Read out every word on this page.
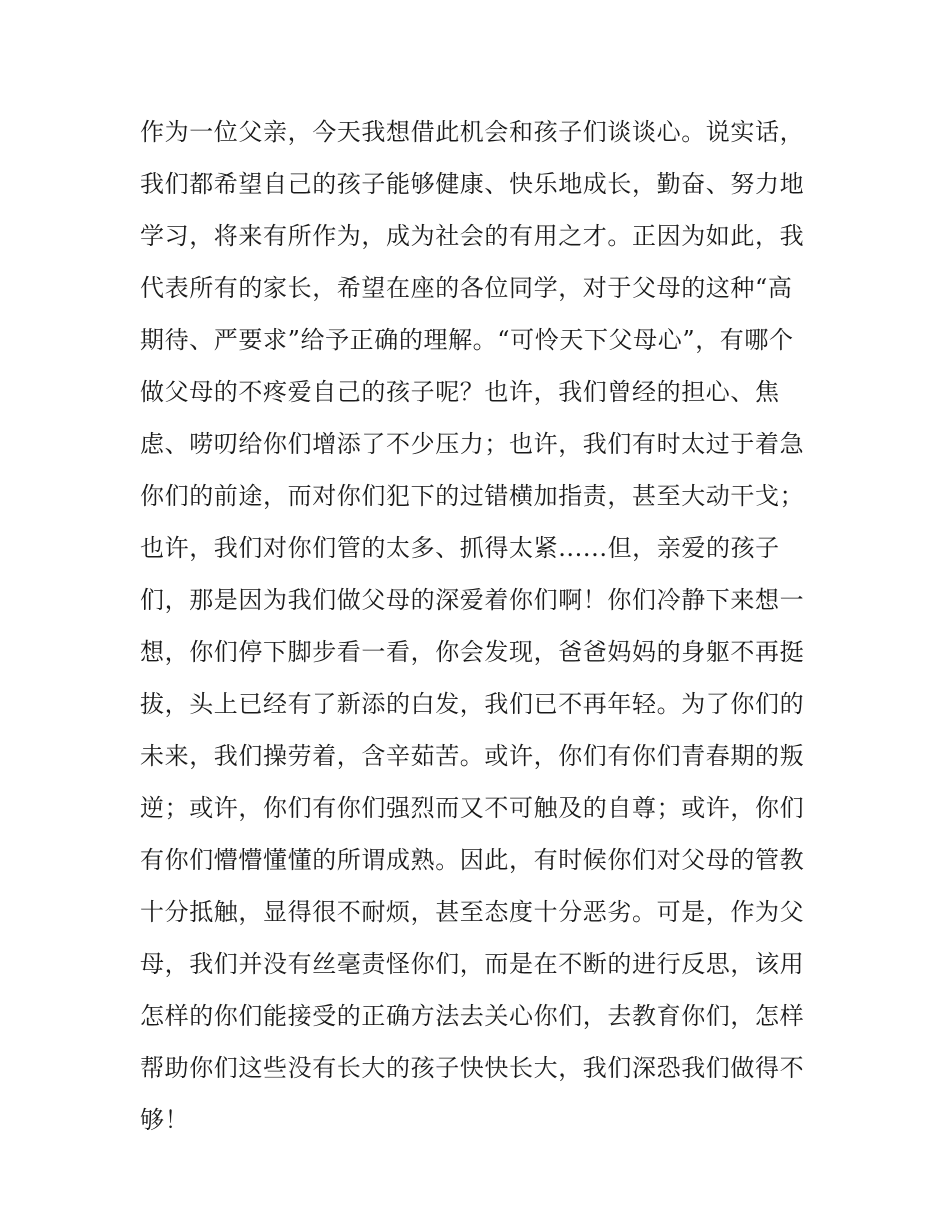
作为一位父亲，今天我想借此机会和孩子们谈谈心。说实话，
我们都希望自己的孩子能够健康、快乐地成长，勤奋、努力地
学习，将来有所作为，成为社会的有用之才。正因为如此，我
代表所有的家长，希望在座的各位同学，对于父母的这种“高
期待、严要求”给予正确的理解。“可怜天下父母心”，有哪个
做父母的不疼爱自己的孩子呢？也许，我们曾经的担心、焦
虑、唠叨给你们增添了不少压力；也许，我们有时太过于着急
你们的前途，而对你们犯下的过错横加指责，甚至大动干戈；
也许，我们对你们管的太多、抓得太紧......但，亲爱的孩子
们，那是因为我们做父母的深爱着你们啊！你们冷静下来想一
想，你们停下脚步看一看，你会发现，爸爸妈妈的身躯不再挺
拔，头上已经有了新添的白发，我们已不再年轻。为了你们的
未来，我们操劳着，含辛茹苦。或许，你们有你们青春期的叛
逆；或许，你们有你们强烈而又不可触及的自尊；或许，你们
有你们懵懵懂懂的所谓成熟。因此，有时候你们对父母的管教
十分抵触，显得很不耐烦，甚至态度十分恶劣。可是，作为父
母，我们并没有丝毫责怪你们，而是在不断的进行反思，该用
怎样的你们能接受的正确方法去关心你们，去教育你们，怎样
帮助你们这些没有长大的孩子快快长大，我们深恐我们做得不
够！
